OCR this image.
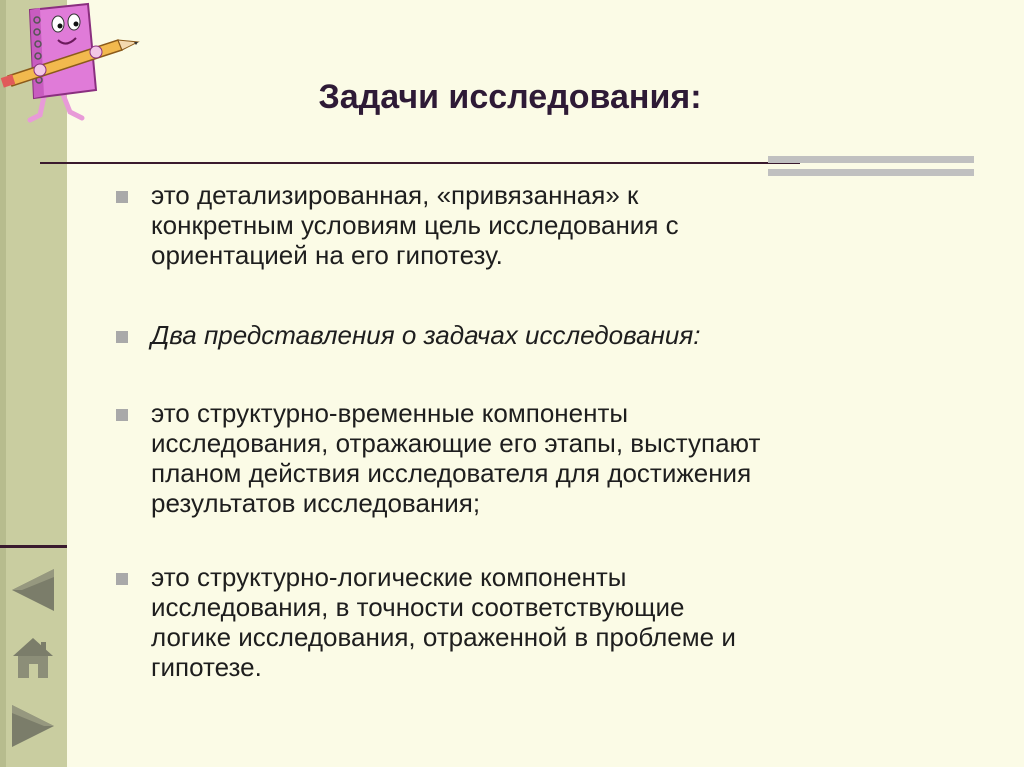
Задачи исследования:
это детализированная, «привязанная» к
конкретным условиям цель исследования с
ориентацией на его гипотезу.
Два представления о задачах исследования:
это структурно-временные компоненты
исследования, отражающие его этапы, выступают
планом действия исследователя для достижения
результатов исследования;
это структурно-логические компоненты
исследования, в точности соответствующие
логике исследования, отраженной в проблеме и
гипотезе.
